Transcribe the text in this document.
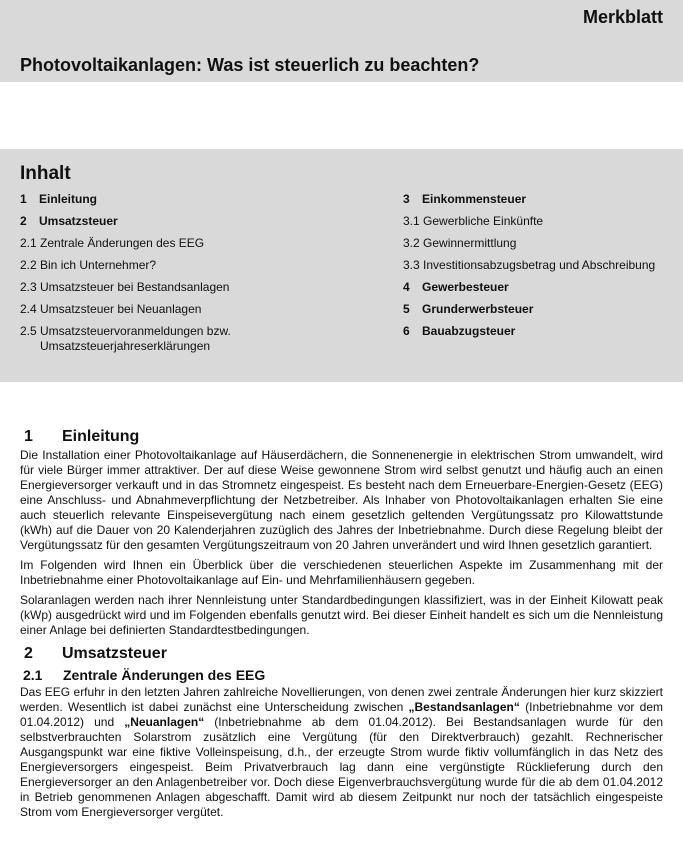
Merkblatt
Photovoltaikanlagen: Was ist steuerlich zu beachten?
Inhalt
1 Einleitung
2 Umsatzsteuer
2.1 Zentrale Änderungen des EEG
2.2 Bin ich Unternehmer?
2.3 Umsatzsteuer bei Bestandsanlagen
2.4 Umsatzsteuer bei Neuanlagen
2.5 Umsatzsteuervoranmeldungen bzw.
Umsatzsteuerjahreserklärungen
3 Einkommensteuer
3.1 Gewerbliche Einkünfte
3.2 Gewinnermittlung
3.3 Investitionsabzugsbetrag und Abschreibung
4 Gewerbesteuer
5 Grunderwerbsteuer
6 Bauabzugsteuer
1 Einleitung

Die Installation einer Photovoltaikanlage auf Häuserdächern, die Sonnenenergie in elektrischen Strom umwandelt, wird für viele Bürger immer attraktiver. Der auf diese Weise gewonnene Strom wird selbst genutzt und häufig auch an einen Energieversorger verkauft und in das Stromnetz eingespeist. Es besteht nach dem Erneuerbare-Energien-Gesetz (EEG) eine Anschluss- und Abnahmeverpflichtung der Netzbetreiber. Als Inhaber von Photovoltaikanlagen erhalten Sie eine auch steuerlich relevante Einspeisevergütung nach einem gesetzlich geltenden Vergütungssatz pro Kilowattstunde (kWh) auf die Dauer von 20 Kalenderjahren zuzüglich des Jahres der Inbetriebnahme. Durch diese Regelung bleibt der Vergütungssatz für den gesamten Vergütungszeitraum von 20 Jahren unverändert und wird Ihnen gesetzlich garantiert.

Im Folgenden wird Ihnen ein Überblick über die verschiedenen steuerlichen Aspekte im Zusammenhang mit der Inbetriebnahme einer Photovoltaikanlage auf Ein- und Mehrfamilienhäusern gegeben.

Solaranlagen werden nach ihrer Nennleistung unter Standardbedingungen klassifiziert, was in der Einheit Kilowatt peak (kWp) ausgedrückt wird und im Folgenden ebenfalls genutzt wird. Bei dieser Einheit handelt es sich um die Nennleistung einer Anlage bei definierten Standardtestbedingungen.

2 Umsatzsteuer
2.1 Zentrale Änderungen des EEG

Das EEG erfuhr in den letzten Jahren zahlreiche Novellierungen, von denen zwei zentrale Änderungen hier kurz skizziert werden. Wesentlich ist dabei zunächst eine Unterscheidung zwischen „Bestandsanlagen“ (Inbetriebnahme vor dem 01.04.2012) und „Neuanlagen“ (Inbetriebnahme ab dem 01.04.2012). Bei Bestandsanlagen wurde für den selbstverbrauchten Solarstrom zusätzlich eine Vergütung (für den Direktverbrauch) gezahlt. Rechnerischer Ausgangspunkt war eine fiktive Volleinspeisung, d.h., der erzeugte Strom wurde fiktiv vollumfänglich in das Netz des Energieversorgers eingespeist. Beim Privatverbrauch lag dann eine vergünstigte Rücklieferung durch den Energieversorger an den Anlagenbetreiber vor. Doch diese Eigenverbrauchsvergütung wurde für die ab dem 01.04.2012 in Betrieb genommenen Anlagen abgeschafft. Damit wird ab diesem Zeitpunkt nur noch der tatsächlich eingespeiste Strom vom Energieversorger vergütet.
